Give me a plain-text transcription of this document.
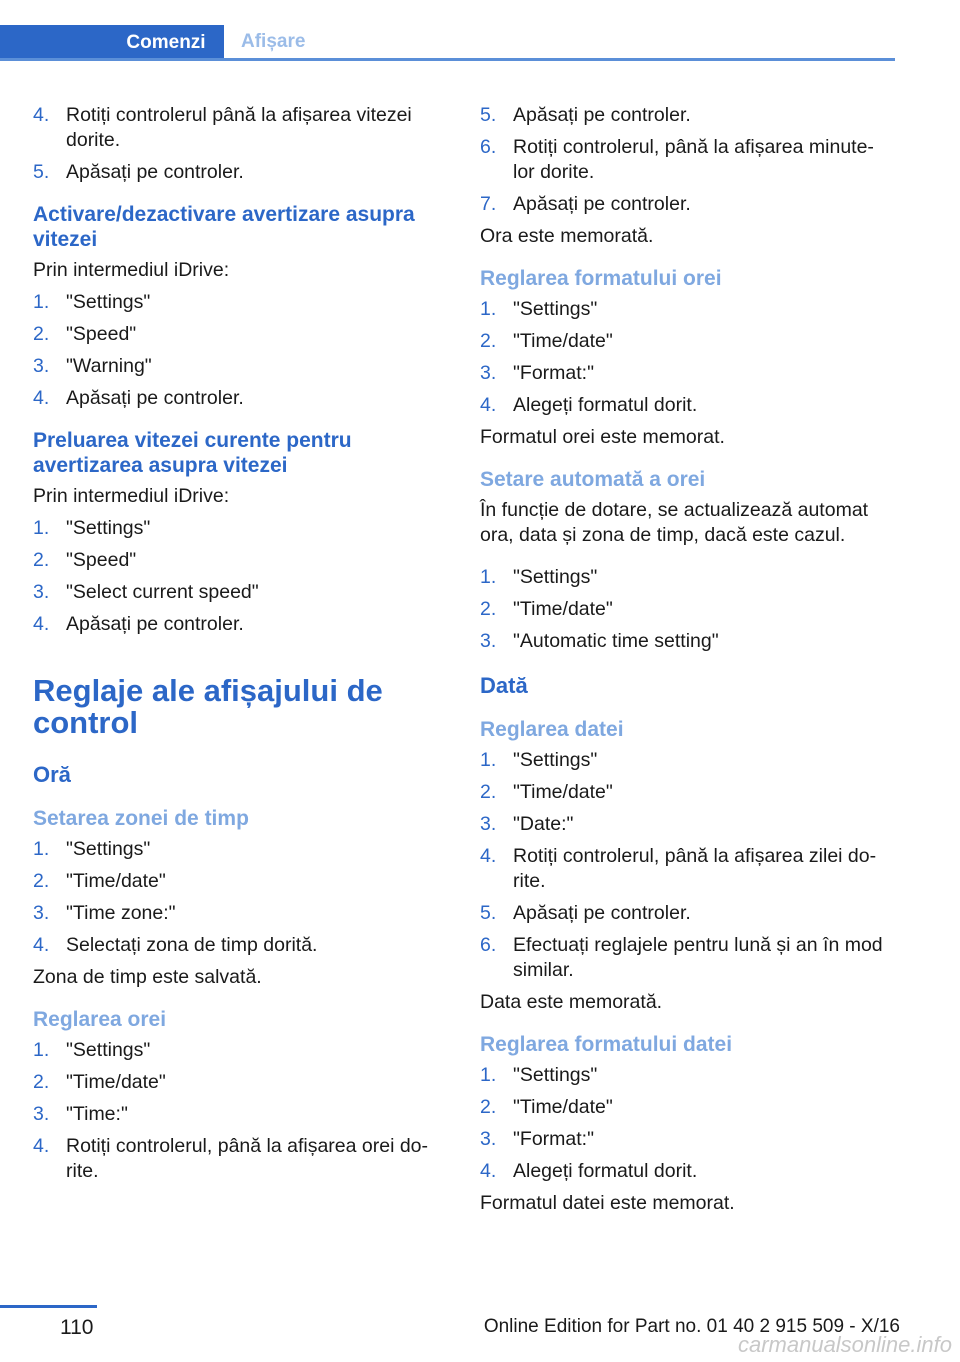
Comenzi	Afișare
4. Rotiți controlerul până la afișarea vitezei dorite.
5. Apăsați pe controler.
Activare/dezactivare avertizare asupra vitezei
Prin intermediul iDrive:
1. "Settings"
2. "Speed"
3. "Warning"
4. Apăsați pe controler.
Preluarea vitezei curente pentru avertizarea asupra vitezei
Prin intermediul iDrive:
1. "Settings"
2. "Speed"
3. "Select current speed"
4. Apăsați pe controler.
Reglaje ale afișajului de control
Oră
Setarea zonei de timp
1. "Settings"
2. "Time/date"
3. "Time zone:"
4. Selectați zona de timp dorită.
Zona de timp este salvată.
Reglarea orei
1. "Settings"
2. "Time/date"
3. "Time:"
4. Rotiți controlerul, până la afișarea orei do‐rite.
5. Apăsați pe controler.
6. Rotiți controlerul, până la afișarea minute‐lor dorite.
7. Apăsați pe controler.
Ora este memorată.
Reglarea formatului orei
1. "Settings"
2. "Time/date"
3. "Format:"
4. Alegeți formatul dorit.
Formatul orei este memorat.
Setare automată a orei
În funcție de dotare, se actualizează automat ora, data și zona de timp, dacă este cazul.
1. "Settings"
2. "Time/date"
3. "Automatic time setting"
Dată
Reglarea datei
1. "Settings"
2. "Time/date"
3. "Date:"
4. Rotiți controlerul, până la afișarea zilei do‐rite.
5. Apăsați pe controler.
6. Efectuați reglajele pentru lună și an în mod similar.
Data este memorată.
Reglarea formatului datei
1. "Settings"
2. "Time/date"
3. "Format:"
4. Alegeți formatul dorit.
Formatul datei este memorat.
110	Online Edition for Part no. 01 40 2 915 509 - X/16
carmanualsonline.info
